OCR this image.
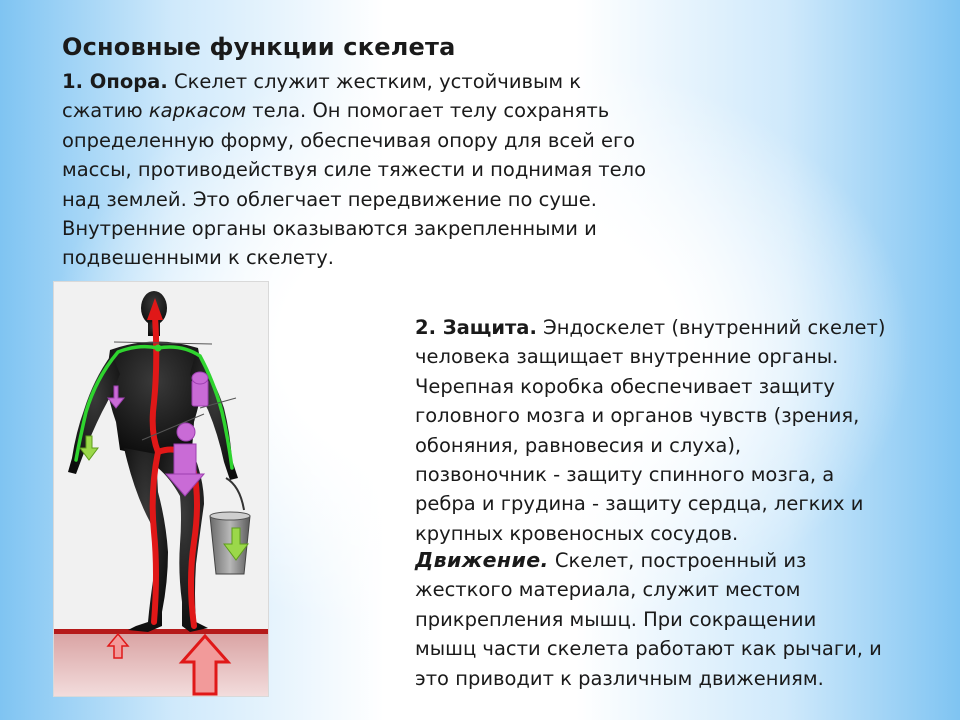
Основные функции скелета
1. Опора. Скелет служит жестким, устойчивым к
сжатию каркасом тела. Он помогает телу сохранять
определенную форму, обеспечивая опору для всей его
массы, противодействуя силе тяжести и поднимая тело
над землей. Это облегчает передвижение по суше.
Внутренние органы оказываются закрепленными и
подвешенными к скелету.
2. Защита. Эндоскелет (внутренний скелет)
человека защищает внутренние органы.
Черепная коробка обеспечивает защиту
головного мозга и органов чувств (зрения,
обоняния, равновесия и слуха),
позвоночник - защиту спинного мозга, а
ребра и грудина - защиту сердца, легких и
крупных кровеносных сосудов.
Движение. Скелет, построенный из
жесткого материала, служит местом
прикрепления мышц. При сокращении
мышц части скелета работают как рычаги, и
это приводит к различным движениям.
